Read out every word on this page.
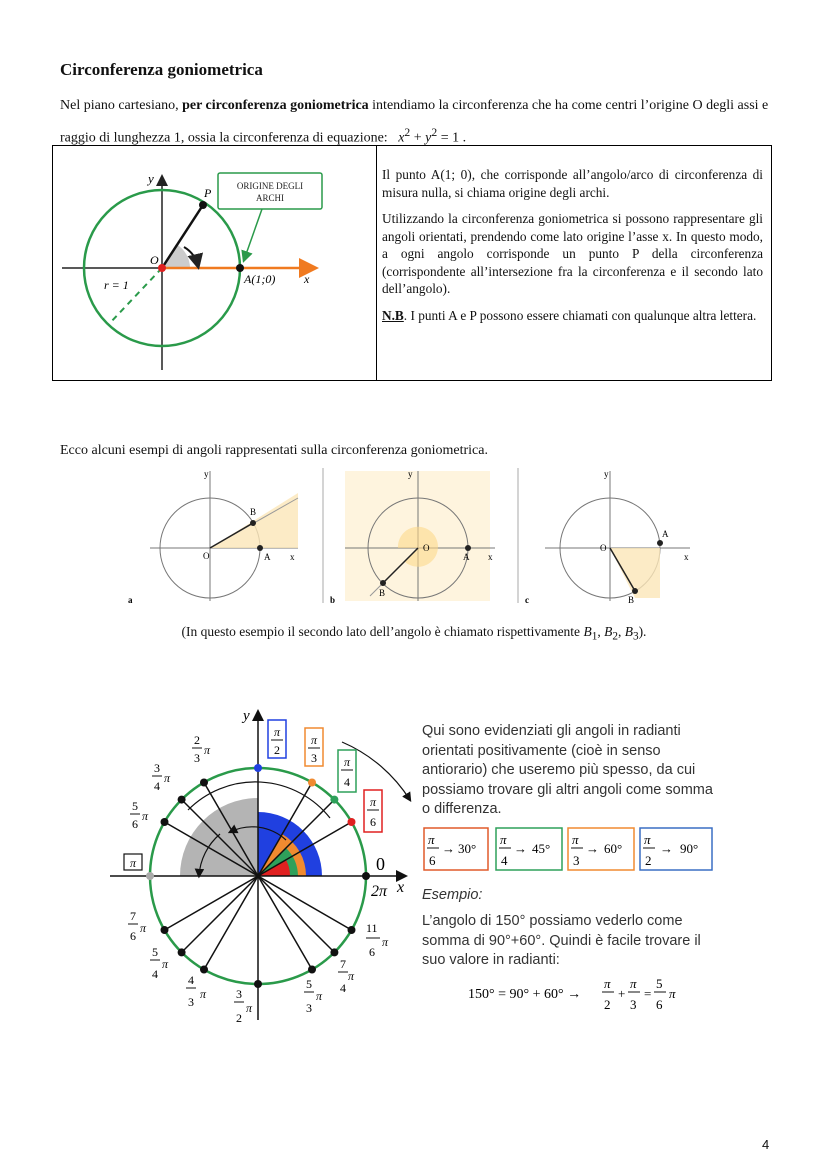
Circonferenza goniometrica
Nel piano cartesiano, per circonferenza goniometrica intendiamo la circonferenza che ha come centri l’origine O degli assi e raggio di lunghezza 1, ossia la circonferenza di equazione: $x^2 + y^2 = 1$ .
ORIGINE DEGLI
ARCHI
y
P
O
A(1;0) x
r = 1

Il punto A(1; 0), che corrisponde all’angolo/arco di circonferenza di misura nulla, si chiama origine degli archi.

Utilizzando la circonferenza goniometrica si possono rappresentare gli angoli orientati, prendendo come lato origine l’asse x. In questo modo, a ogni angolo corrisponde un punto P della circonferenza (corrispondente all’intersezione fra la circonferenza e il secondo lato dell’angolo).

N.B. I punti A e P possono essere chiamati con qualunque altra lettera.

Ecco alcuni esempi di angoli rappresentati sulla circonferenza goniometrica.
B
O	A x
y
a
O
A x
y
B
b
O
A
x
y
B
c
(In questo esempio il secondo lato dell’angolo è chiamato rispettivamente $B_1$, $B_2$, $B_3$).
y
x
0
2π
π
2
π
3 π
4
π
6
π
2
3
π
3
4
π
5
6
π
7
6
π
5
4
π
4
3
π 3
2
π
5
3
π
7
4
π
11
6
π
Qui sono evidenziati gli angoli in radianti orientati positivamente (cioè in senso antiorario) che useremo più spesso, da cui possiamo trovare gli altri angoli come somma o differenza.
π
6
→ 30°
π
4
→ 45°
π
3
→ 60°
π
2
→ 90°
Esempio:
L’angolo di 150° possiamo vederlo come somma di 90°+60°. Quindi è facile trovare il suo valore in radianti:
150° = 90° + 60° →
π
2
+
π
3
=
5
6
π
4
